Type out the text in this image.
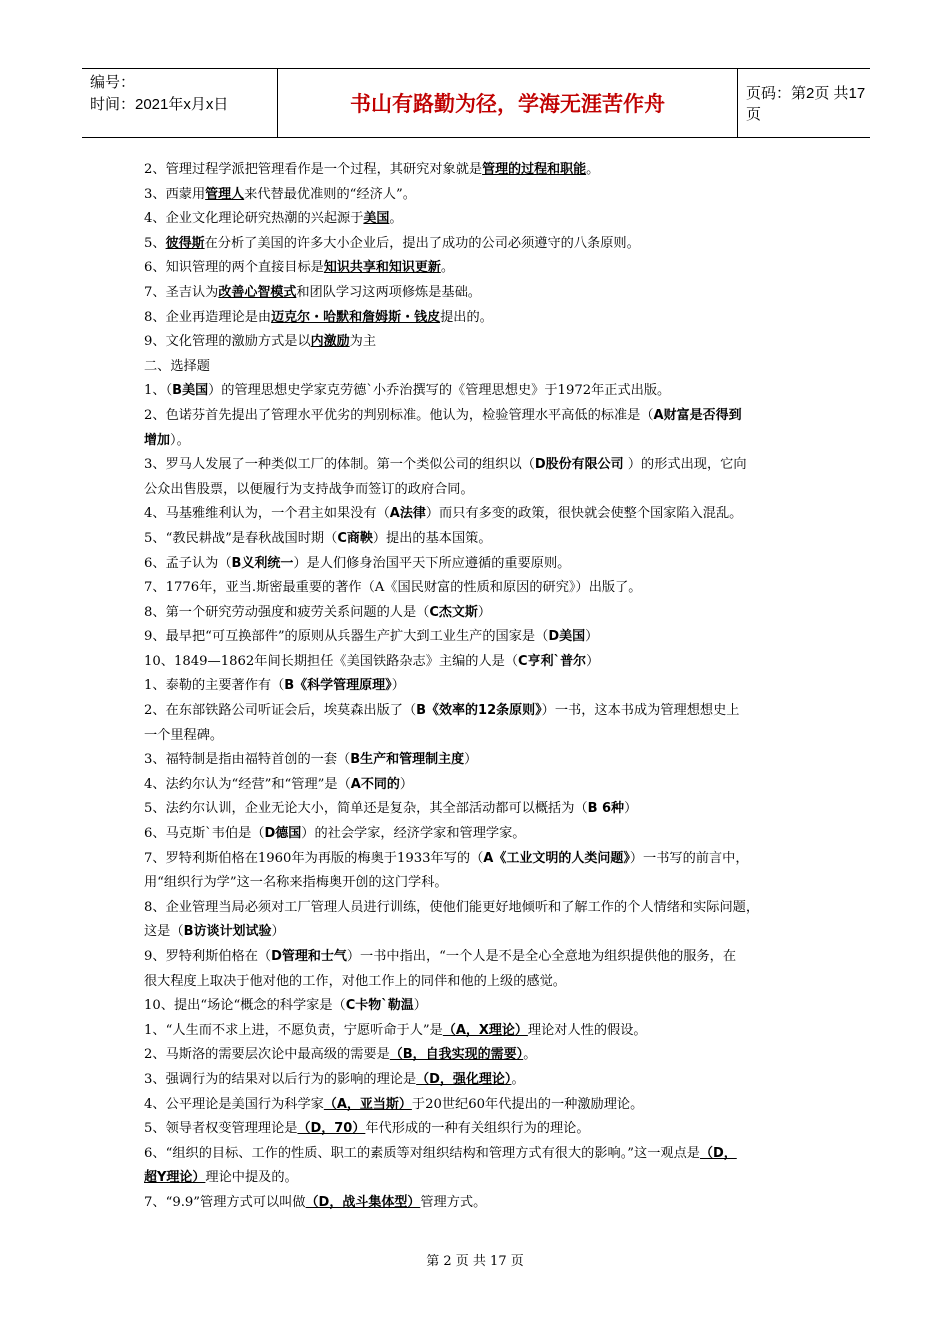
编号：
时间：2021年x月x日	书山有路勤为径，学海无涯苦作舟	页码：第2页 共17页
2、管理过程学派把管理看作是一个过程，其研究对象就是管理的过程和职能。
3、西蒙用管理人来代替最优准则的“经济人”。
4、企业文化理论研究热潮的兴起源于美国。
5、彼得斯在分析了美国的许多大小企业后，提出了成功的公司必须遵守的八条原则。
6、知识管理的两个直接目标是知识共享和知识更新。
7、圣吉认为改善心智模式和团队学习这两项修炼是基础。
8、企业再造理论是由迈克尔・哈默和詹姆斯・钱皮提出的。
9、文化管理的激励方式是以内激励为主
二、选择题
1、（B美国）的管理思想史学家克劳德`小乔治撰写的《管理思想史》于1972年正式出版。
2、色诺芬首先提出了管理水平优劣的判别标准。他认为，检验管理水平高低的标准是（A财富是否得到
增加）。
3、罗马人发展了一种类似工厂的体制。第一个类似公司的组织以（D股份有限公司 ）的形式出现，它向
公众出售股票，以便履行为支持战争而签订的政府合同。
4、马基雅维利认为，一个君主如果没有（A法律）而只有多变的政策，很快就会使整个国家陷入混乱。
5、“教民耕战”是春秋战国时期（C商鞅）提出的基本国策。
6、孟子认为（B义利统一）是人们修身治国平天下所应遵循的重要原则。
7、1776年，亚当.斯密最重要的著作（A《国民财富的性质和原因的研究》）出版了。
8、第一个研究劳动强度和疲劳关系问题的人是（C杰文斯）
9、最早把“可互换部件”的原则从兵器生产扩大到工业生产的国家是（D美国）
10、1849—1862年间长期担任《美国铁路杂志》主编的人是（C亨利`普尔）
1、泰勒的主要著作有（B《科学管理原理》）
2、在东部铁路公司听证会后，埃莫森出版了（B《效率的12条原则》）一书，这本书成为管理想想史上
一个里程碑。
3、福特制是指由福特首创的一套（B生产和管理制主度）
4、法约尔认为“经营”和“管理”是（A不同的）
5、法约尔认训，企业无论大小，简单还是复杂，其全部活动都可以概括为（B 6种）
6、马克斯`韦伯是（D德国）的社会学家，经济学家和管理学家。
7、罗特利斯伯格在1960年为再版的梅奥于1933年写的（A《工业文明的人类问题》）一书写的前言中，
用“组织行为学”这一名称来指梅奥开创的这门学科。
8、企业管理当局必须对工厂管理人员进行训练，使他们能更好地倾听和了解工作的个人情绪和实际问题，
这是（B访谈计划试验）
9、罗特利斯伯格在（D管理和士气）一书中指出，“一个人是不是全心全意地为组织提供他的服务，在
很大程度上取决于他对他的工作，对他工作上的同伴和他的上级的感觉。
10、提出“场论“概念的科学家是（C卡物`勒温）
1、“人生而不求上进，不愿负责，宁愿听命于人”是（A，X理论）理论对人性的假设。
2、马斯洛的需要层次论中最高级的需要是（B，自我实现的需要）。
3、强调行为的结果对以后行为的影响的理论是（D，强化理论）。
4、公平理论是美国行为科学家（A，亚当斯）于20世纪60年代提出的一种激励理论。
5、领导者权变管理理论是（D，70）年代形成的一种有关组织行为的理论。
6、“组织的目标、工作的性质、职工的素质等对组织结构和管理方式有很大的影响。”这一观点是（D，
超Y理论）理论中提及的。
7、“9.9”管理方式可以叫做（D，战斗集体型）管理方式。
第 2 页 共 17 页
